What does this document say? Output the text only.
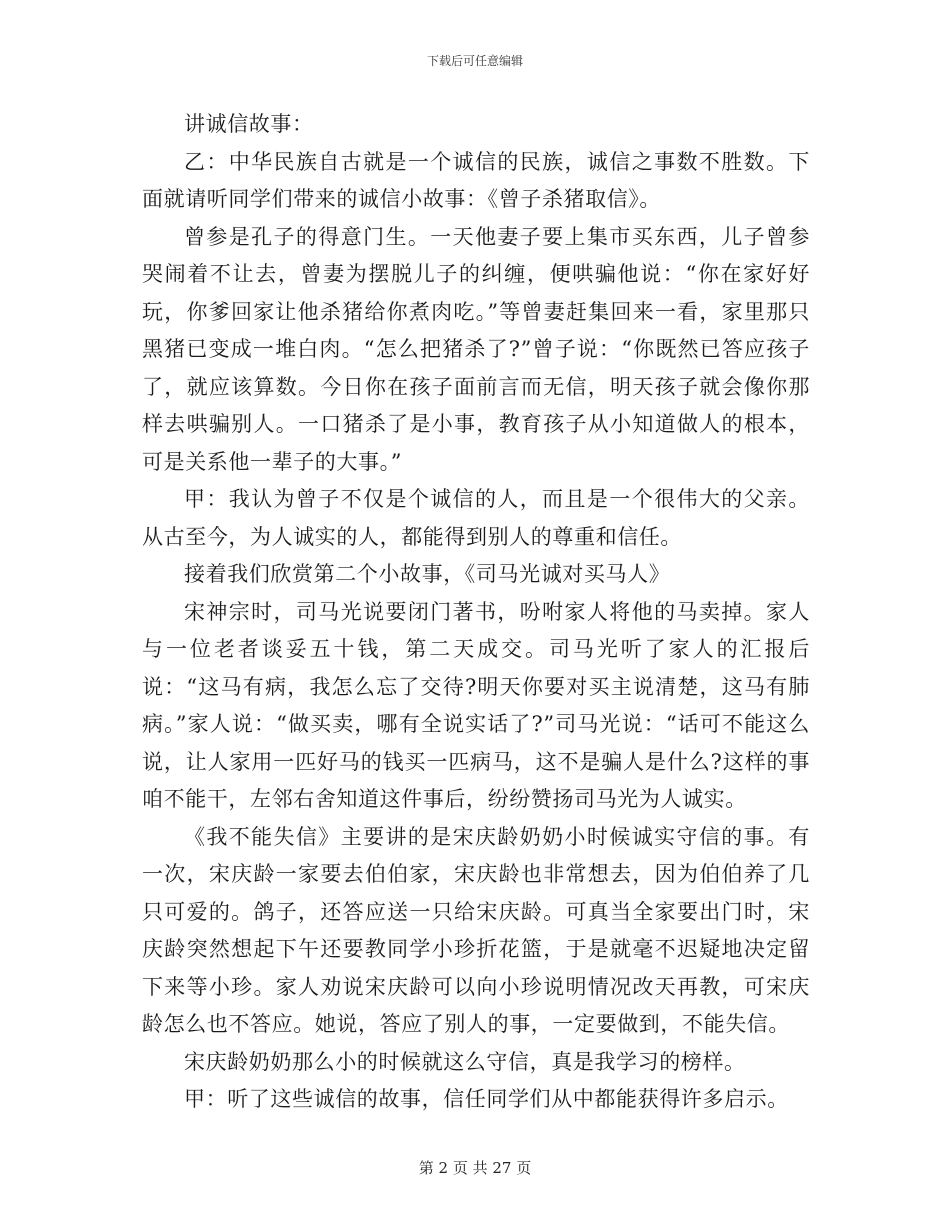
下载后可任意编辑

讲诚信故事：

乙：中华民族自古就是一个诚信的民族，诚信之事数不胜数。下面就请听同学们带来的诚信小故事：《曾子杀猪取信》。

曾参是孔子的得意门生。一天他妻子要上集市买东西，儿子曾参哭闹着不让去，曾妻为摆脱儿子的纠缠，便哄骗他说：“你在家好好玩，你爹回家让他杀猪给你煮肉吃。”等曾妻赶集回来一看，家里那只黑猪已变成一堆白肉。“怎么把猪杀了?”曾子说：“你既然已答应孩子了，就应该算数。今日你在孩子面前言而无信，明天孩子就会像你那样去哄骗别人。一口猪杀了是小事，教育孩子从小知道做人的根本，可是关系他一辈子的大事。”

甲：我认为曾子不仅是个诚信的人，而且是一个很伟大的父亲。从古至今，为人诚实的人，都能得到别人的尊重和信任。

接着我们欣赏第二个小故事，《司马光诚对买马人》

宋神宗时，司马光说要闭门著书，吩咐家人将他的马卖掉。家人与一位老者谈妥五十钱，第二天成交。司马光听了家人的汇报后说：“这马有病，我怎么忘了交待?明天你要对买主说清楚，这马有肺病。”家人说：“做买卖，哪有全说实话了?”司马光说：“话可不能这么说，让人家用一匹好马的钱买一匹病马，这不是骗人是什么?这样的事咱不能干，左邻右舍知道这件事后，纷纷赞扬司马光为人诚实。

《我不能失信》主要讲的是宋庆龄奶奶小时候诚实守信的事。有一次，宋庆龄一家要去伯伯家，宋庆龄也非常想去，因为伯伯养了几只可爱的。鸽子，还答应送一只给宋庆龄。可真当全家要出门时，宋庆龄突然想起下午还要教同学小珍折花篮，于是就毫不迟疑地决定留下来等小珍。家人劝说宋庆龄可以向小珍说明情况改天再教，可宋庆龄怎么也不答应。她说，答应了别人的事，一定要做到，不能失信。

宋庆龄奶奶那么小的时候就这么守信，真是我学习的榜样。

甲：听了这些诚信的故事，信任同学们从中都能获得许多启示。

第 2 页 共 27 页
